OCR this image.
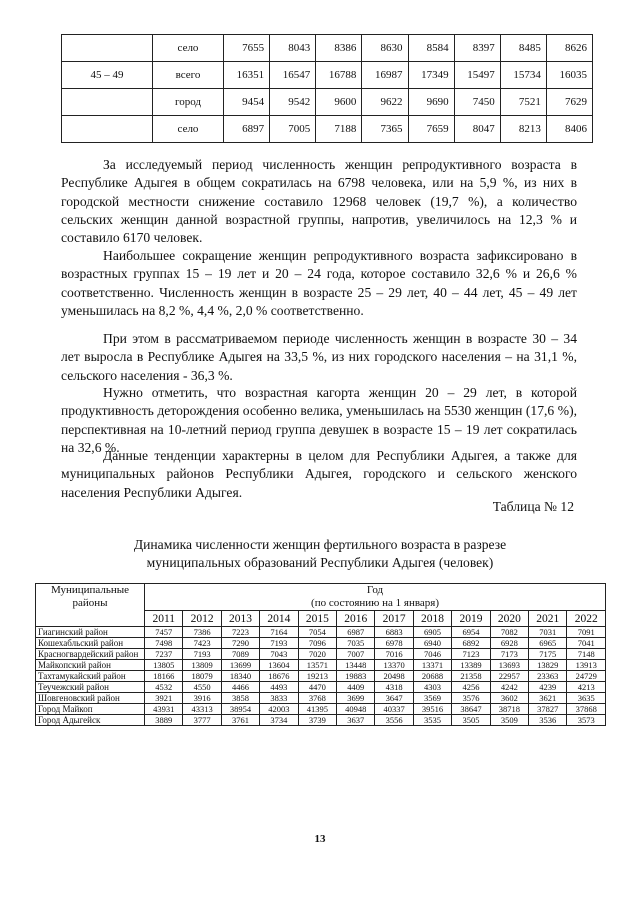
	село	7655	8043	8386	8630	8584	8397	8485	8626
45 – 49	всего	16351	16547	16788	16987	17349	15497	15734	16035
	город	9454	9542	9600	9622	9690	7450	7521	7629
	село	6897	7005	7188	7365	7659	8047	8213	8406

За исследуемый период численность женщин репродуктивного возраста в Республике Адыгея в общем сократилась на 6798 человека, или на 5,9 %, из них в городской местности снижение составило 12968 человек (19,7 %), а количество сельских женщин данной возрастной группы, напротив, увеличилось на 12,3 % и составило 6170 человек.

Наибольшее сокращение женщин репродуктивного возраста зафиксировано в возрастных группах 15 – 19 лет и 20 – 24 года, которое составило 32,6 % и 26,6 % соответственно. Численность женщин в возрасте 25 – 29 лет, 40 – 44 лет, 45 – 49 лет уменьшилась на 8,2 %, 4,4 %, 2,0 % соответственно.

При этом в рассматриваемом периоде численность женщин в возрасте 30 – 34 лет выросла в Республике Адыгея на 33,5 %, из них городского населения – на 31,1 %, сельского населения - 36,3 %.

Нужно отметить, что возрастная кагорта женщин 20 – 29 лет, в которой продуктивность деторождения особенно велика, уменьшилась на 5530 женщин (17,6 %), перспективная на 10-летний период группа девушек в возрасте 15 – 19 лет сократилась на 32,6 %.

Данные тенденции характерны в целом для Республики Адыгея, а также для муниципальных районов Республики Адыгея, городского и сельского женского населения Республики Адыгея.

Таблица № 12
Динамика численности женщин фертильного возраста в разрезе
муниципальных образований Республики Адыгея (человек)
Муниципальные районы	Год
(по состоянию на 1 января)											

	2011	2012	2013	2014	2015	2016	2017	2018	2019	2020	2021	2022
Гиагинский район	7457	7386	7223	7164	7054	6987	6883	6905	6954	7082	7031	7091
Кошехабльский район	7498	7423	7290	7193	7096	7035	6978	6940	6892	6928	6965	7041
Красногвардейский район	7237	7193	7089	7043	7020	7007	7016	7046	7123	7173	7175	7148
Майкопский район	13805	13809	13699	13604	13571	13448	13370	13371	13389	13693	13829	13913
Тахтамукайский район	18166	18079	18340	18676	19213	19883	20498	20688	21358	22957	23363	24729
Теучежский район	4532	4550	4466	4493	4470	4409	4318	4303	4256	4242	4239	4213
Шовгеновский район	3921	3916	3858	3833	3768	3699	3647	3569	3576	3602	3621	3635
Город Майкоп	43931	43313	38954	42003	41395	40948	40337	39516	38647	38718	37827	37868
Город Адыгейск	3889	3777	3761	3734	3739	3637	3556	3535	3505	3509	3536	3573
13
